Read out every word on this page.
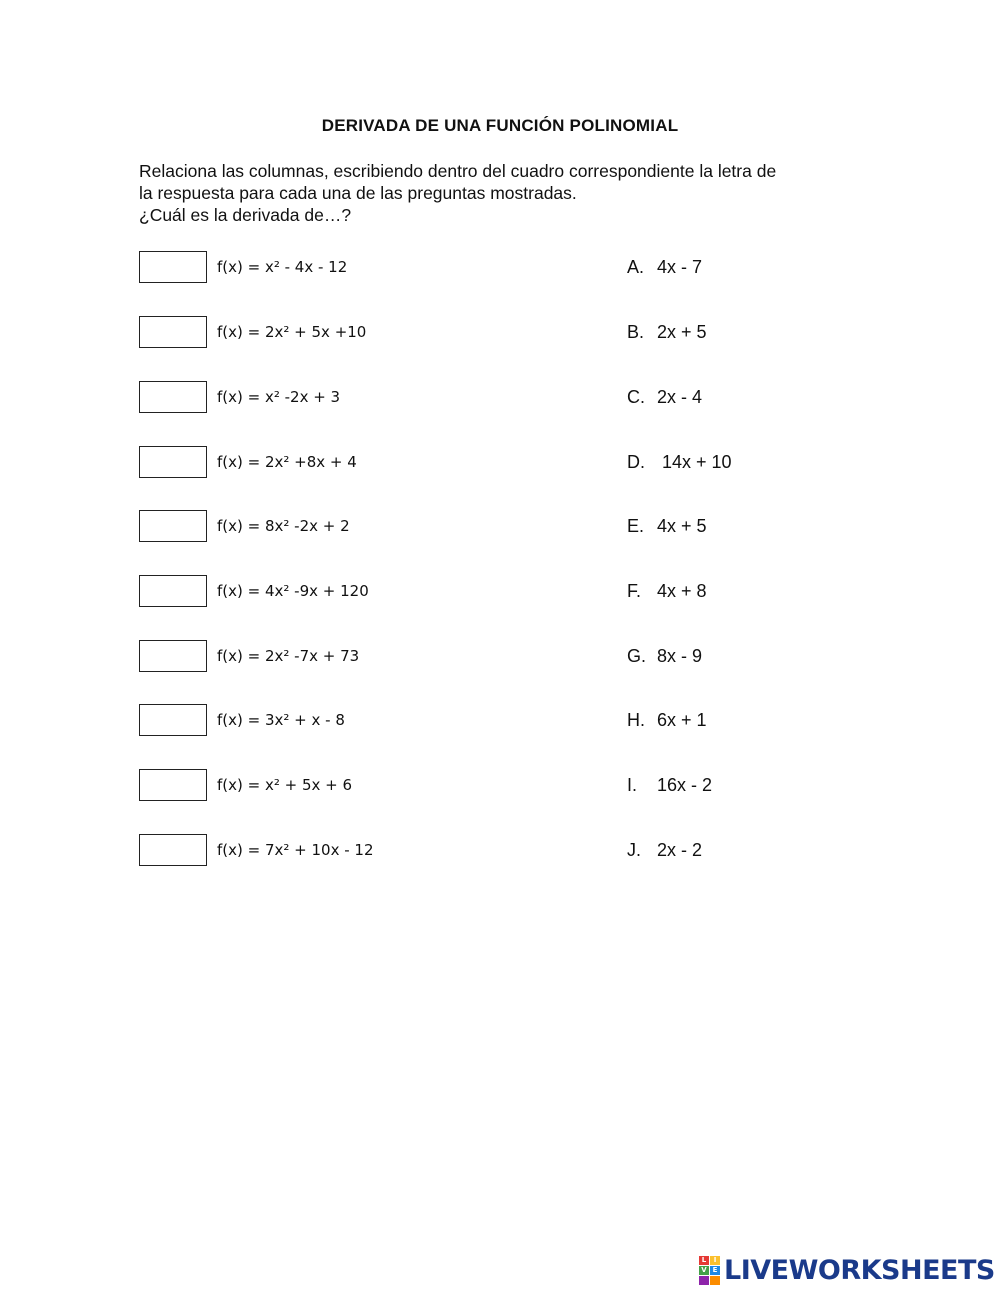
DERIVADA DE UNA FUNCIÓN POLINOMIAL
Relaciona las columnas, escribiendo dentro del cuadro correspondiente la letra de
la respuesta para cada una de las preguntas mostradas.
¿Cuál es la derivada de…?
f(x) = x² - 4x - 12
f(x) = 2x² + 5x +10
f(x) = x² -2x + 3
f(x) = 2x² +8x + 4
f(x) = 8x² -2x + 2
f(x) = 4x² -9x + 120
f(x) = 2x² -7x + 73
f(x) = 3x² + x - 8
f(x) = x² + 5x + 6
f(x) = 7x² + 10x - 12
A. 4x - 7
B. 2x + 5
C. 2x - 4
D. 14x + 10
E. 4x + 5
F. 4x + 8
G. 8x - 9
H. 6x + 1
I.	16x - 2
J. 2x - 2
L	I
V E LIVEWORKSHEETS
